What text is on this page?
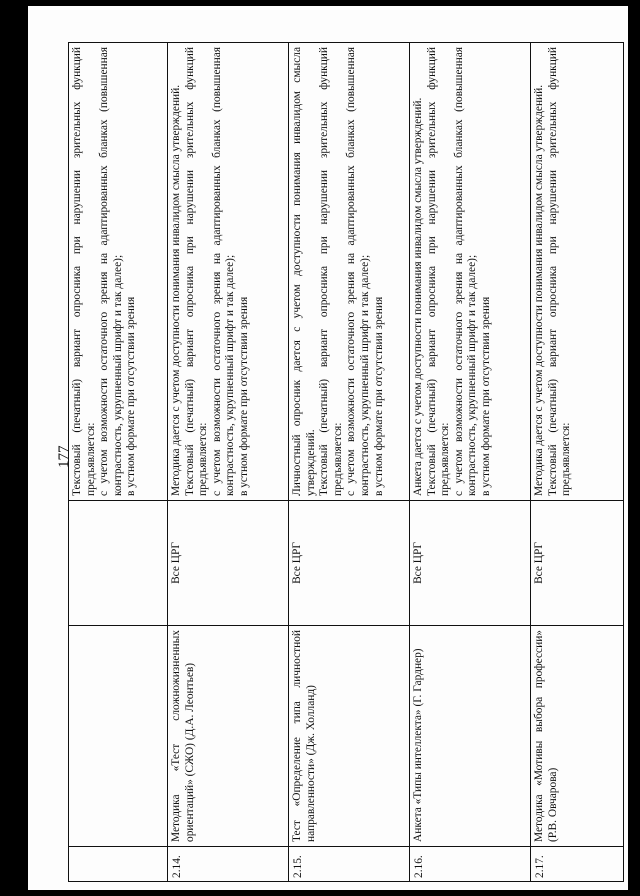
177

			Текстовый (печатный) вариант опросника при нарушении зрительных функций предъявляется: с учетом возможности остаточного зрения на адаптированных бланках (повышенная контрастность, укрупненный шрифт и так далее); в устном формате при отсутствии зрения

2.14.	Методика «Тест сложножизненных ориентаций» (СЖО) (Д.А. Леонтьев)	Все ЦРГ	Методика дается с учетом доступности понимания инвалидом смысла утверждений. Текстовый (печатный) вариант опросника при нарушении зрительных функций предъявляется: с учетом возможности остаточного зрения на адаптированных бланках (повышенная контрастность, укрупненный шрифт и так далее); в устном формате при отсутствии зрения

2.15.	Тест «Определение типа личностной направленности» (Дж. Холланд)	Все ЦРГ	Личностный опросник дается с учетом доступности понимания инвалидом смысла утверждений. Текстовый (печатный) вариант опросника при нарушении зрительных функций предъявляется: с учетом возможности остаточного зрения на адаптированных бланках (повышенная контрастность, укрупненный шрифт и так далее); в устном формате при отсутствии зрения

2.16.	Анкета «Типы интеллекта» (Г. Гарднер)	Все ЦРГ	Анкета дается с учетом доступности понимания инвалидом смысла утверждений. Текстовый (печатный) вариант опросника при нарушении зрительных функций предъявляется: с учетом возможности остаточного зрения на адаптированных бланках (повышенная контрастность, укрупненный шрифт и так далее); в устном формате при отсутствии зрения

2.17.	Методика «Мотивы выбора профессии» (Р.В. Овчарова)	Все ЦРГ	Методика дается с учетом доступности понимания инвалидом смысла утверждений. Текстовый (печатный) вариант опросника при нарушении зрительных функций предъявляется:
